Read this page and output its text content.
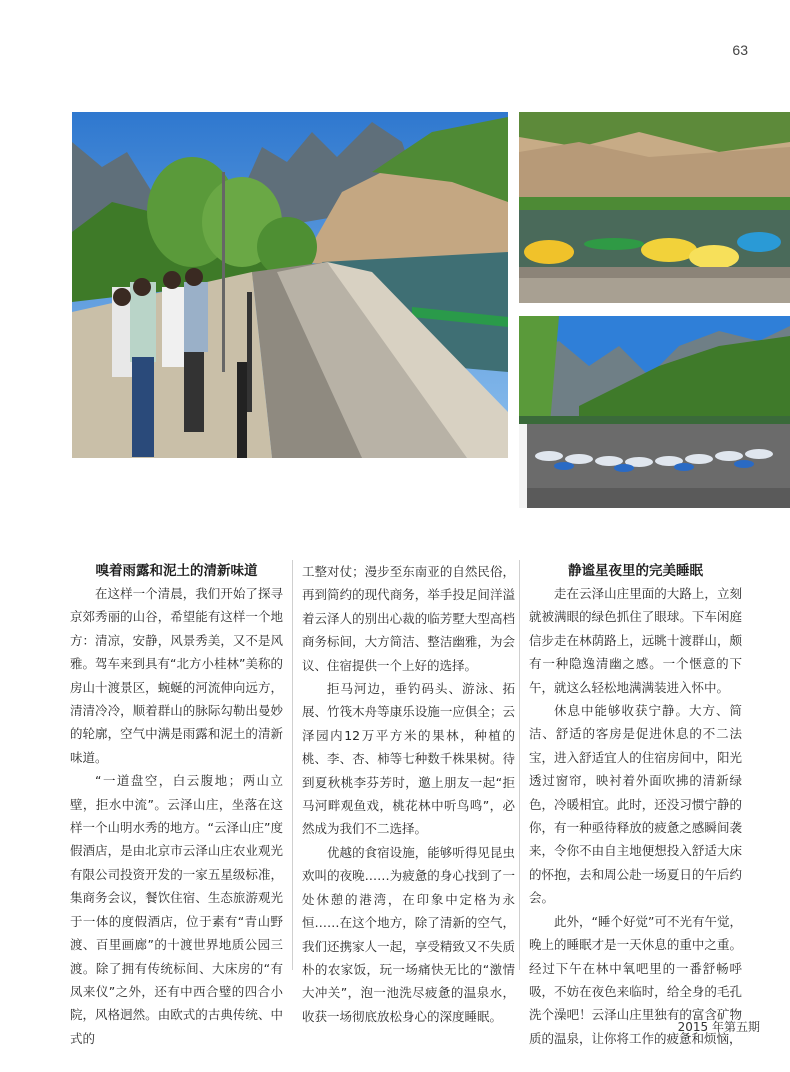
63
嗅着雨露和泥土的清新味道

在这样一个清晨，我们开始了探寻京郊秀丽的山谷，希望能有这样一个地方：清凉，安静，风景秀美，又不是风雅。驾车来到具有“北方小桂林”美称的房山十渡景区，蜿蜒的河流伸向远方，清清冷冷，顺着群山的脉际勾勒出曼妙的轮廓，空气中满是雨露和泥土的清新味道。

“一道盘空，白云腹地；两山立壁，拒水中流”。云泽山庄，坐落在这样一个山明水秀的地方。“云泽山庄”度假酒店，是由北京市云泽山庄农业观光有限公司投资开发的一家五星级标准，集商务会议，餐饮住宿、生态旅游观光于一体的度假酒店，位于素有“青山野渡、百里画廊”的十渡世界地质公园三渡。除了拥有传统标间、大床房的“有凤来仪”之外，还有中西合璧的四合小院，风格迥然。由欧式的古典传统、中式的

工整对仗；漫步至东南亚的自然民俗，再到简约的现代商务，举手投足间洋溢着云泽人的别出心裁的临芳墅大型高档商务标间，大方简洁、整洁幽雅，为会议、住宿提供一个上好的选择。

拒马河边，垂钓码头、游泳、拓展、竹筏木舟等康乐设施一应俱全；云泽园内12万平方米的果林，种植的桃、李、杏、柿等七种数千株果树。待到夏秋桃李芬芳时，邀上朋友一起“拒马河畔观鱼戏，桃花林中听鸟鸣”，必然成为我们不二选择。

优越的食宿设施，能够听得见昆虫欢叫的夜晚……为疲惫的身心找到了一处休憩的港湾，在印象中定格为永恒……在这个地方，除了清新的空气，我们还携家人一起，享受精致又不失质朴的农家饭，玩一场痛快无比的“激情大冲关”，泡一池洗尽疲惫的温泉水，收获一场彻底放松身心的深度睡眠。

静谧星夜里的完美睡眠

走在云泽山庄里面的大路上，立刻就被满眼的绿色抓住了眼球。下车闲庭信步走在林荫路上，远眺十渡群山，颇有一种隐逸清幽之感。一个惬意的下午，就这么轻松地满满装进入怀中。

休息中能够收获宁静。大方、简洁、舒适的客房是促进休息的不二法宝，进入舒适宜人的住宿房间中，阳光透过窗帘，映衬着外面吹拂的清新绿色，冷暖相宜。此时，还没习惯宁静的你，有一种亟待释放的疲惫之感瞬间袭来，令你不由自主地便想投入舒适大床的怀抱，去和周公赴一场夏日的午后约会。

此外，“睡个好觉”可不光有午觉，晚上的睡眠才是一天休息的重中之重。经过下午在林中氧吧里的一番舒畅呼吸，不妨在夜色来临时，给全身的毛孔洗个澡吧！云泽山庄里独有的富含矿物质的温泉，让你将工作的疲惫和烦恼，

2015 年第五期
